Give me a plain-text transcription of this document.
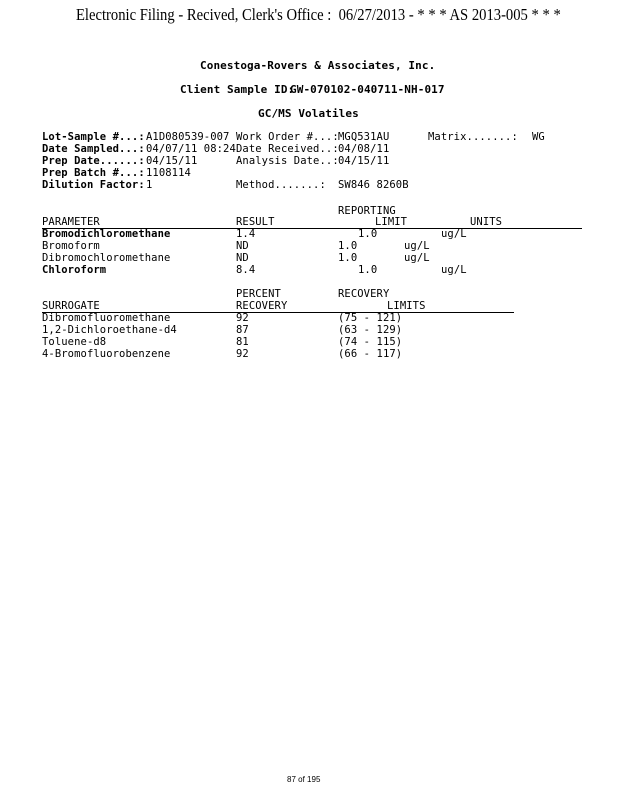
Electronic Filing - Recived, Clerk's Office :  06/27/2013 - * * * AS 2013-005 * * *
Conestoga-Rovers & Associates, Inc.
Client Sample ID:
GW-070102-040711-NH-017
GC/MS Volatiles
Lot-Sample #...: A1D080539-007 Work Order #...: MGQ531AU	Matrix.......: WG
Date Sampled...: 04/07/11 08:24 Date Received..: 04/08/11
Prep Date......: 04/15/11	Analysis Date..: 04/15/11
Prep Batch #...: 1108114
Dilution Factor: 1	Method.......: SW846 8260B
REPORTING
PARAMETER	RESULT	LIMIT	UNITS
Bromodichloromethane	1.4	1.0	ug/L
Bromoform	ND	1.0	ug/L
Dibromochloromethane	ND	1.0	ug/L
Chloroform	8.4	1.0	ug/L
PERCENT	RECOVERY
SURROGATE	RECOVERY	LIMITS
Dibromofluoromethane	92	(75 - 121)
1,2-Dichloroethane-d4	87	(63 - 129)
Toluene-d8	81	(74 - 115)
4-Bromofluorobenzene	92	(66 - 117)
87 of 195
